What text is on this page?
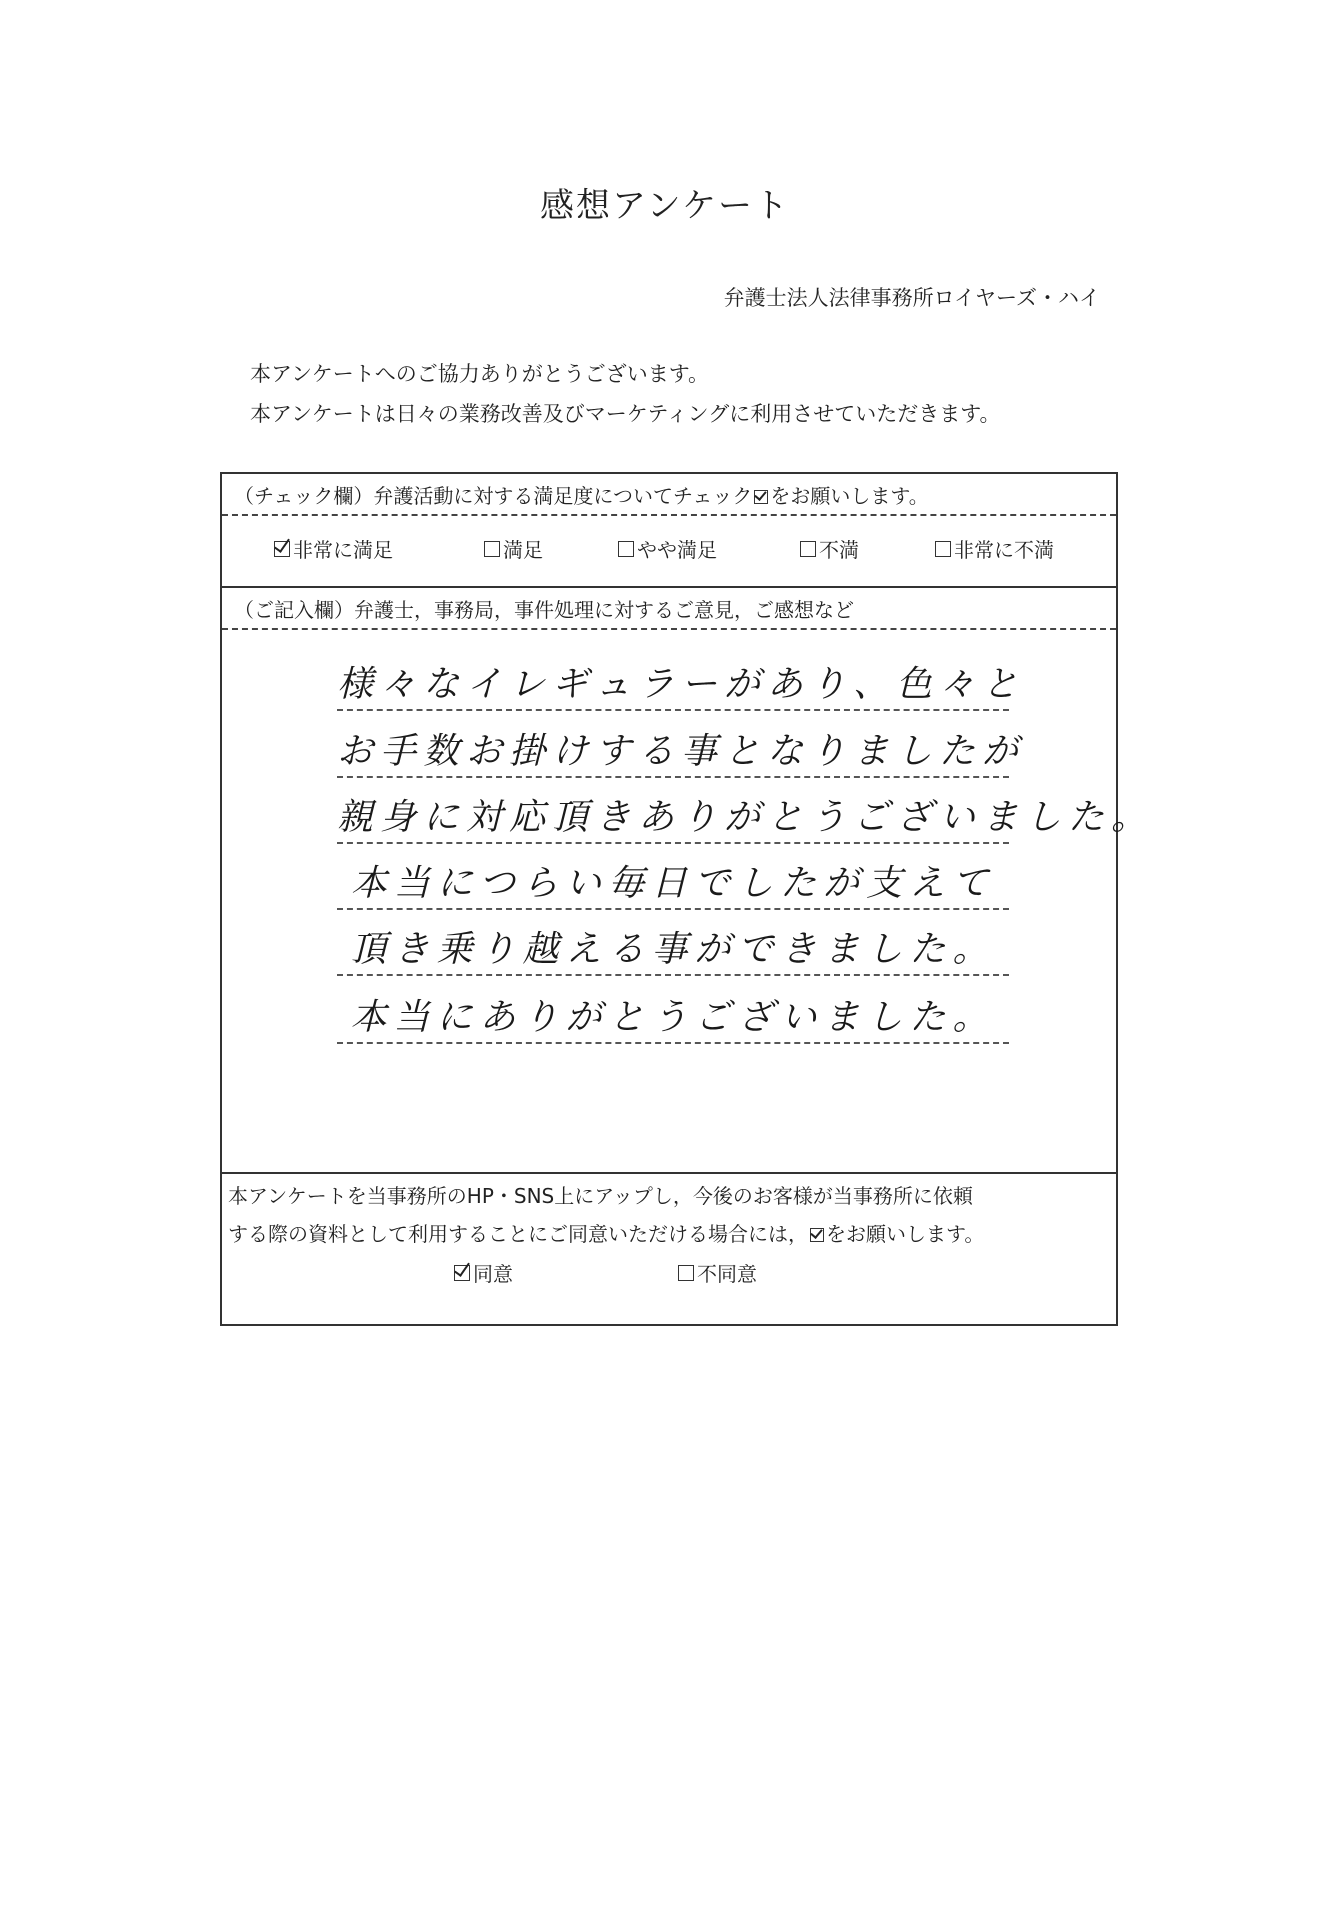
感想アンケート
弁護士法人法律事務所ロイヤーズ・ハイ
本アンケートへのご協力ありがとうございます。
本アンケートは日々の業務改善及びマーケティングに利用させていただきます。
（チェック欄）弁護活動に対する満足度についてチェック をお願いします。
非常に満足	満足	やや満足	不満	非常に不満
（ご記入欄）弁護士，事務局，事件処理に対するご意見，ご感想など
様々なイレギュラーがあり、色々と
お手数お掛けする事となりましたが
親身に対応頂きありがとうございました。
本当につらい毎日でしたが支えて
頂き乗り越える事ができました。
本当にありがとうございました。
本アンケートを当事務所のHP・SNS上にアップし，今後のお客様が当事務所に依頼
する際の資料として利用することにご同意いただける場合には， をお願いします。
同意	不同意
